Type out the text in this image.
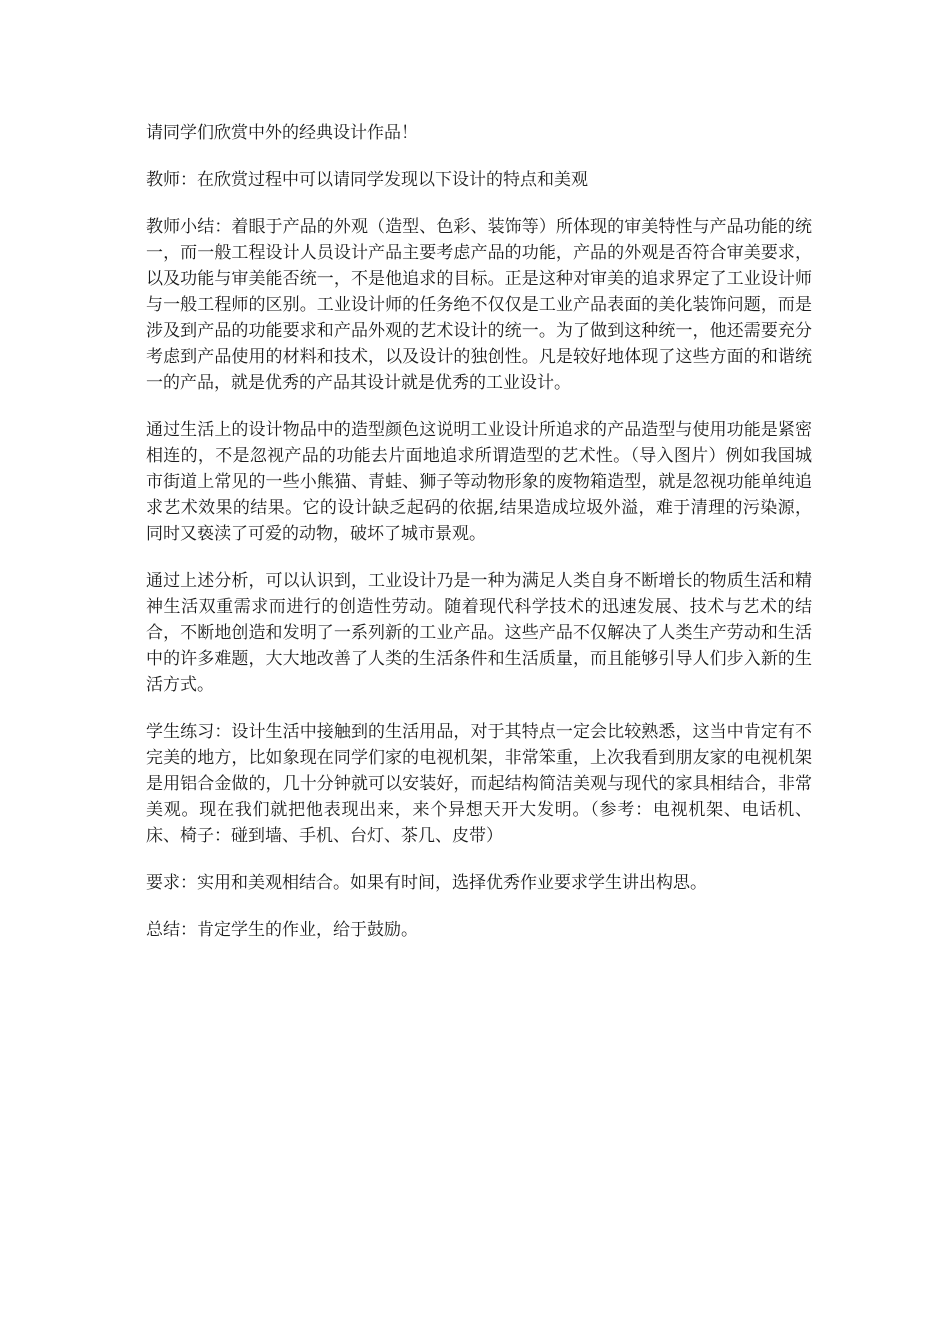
请同学们欣赏中外的经典设计作品！

教师：在欣赏过程中可以请同学发现以下设计的特点和美观

教师小结：着眼于产品的外观（造型、色彩、装饰等）所体现的审美特性与产品功能的统一，而一般工程设计人员设计产品主要考虑产品的功能，产品的外观是否符合审美要求，以及功能与审美能否统一，不是他追求的目标。正是这种对审美的追求界定了工业设计师与一般工程师的区别。工业设计师的任务绝不仅仅是工业产品表面的美化装饰问题，而是涉及到产品的功能要求和产品外观的艺术设计的统一。为了做到这种统一，他还需要充分考虑到产品使用的材料和技术，以及设计的独创性。凡是较好地体现了这些方面的和谐统一的产品，就是优秀的产品其设计就是优秀的工业设计。

通过生活上的设计物品中的造型颜色这说明工业设计所追求的产品造型与使用功能是紧密相连的，不是忽视产品的功能去片面地追求所谓造型的艺术性。（导入图片）例如我国城市街道上常见的一些小熊猫、青蛙、狮子等动物形象的废物箱造型，就是忽视功能单纯追求艺术效果的结果。它的设计缺乏起码的依据,结果造成垃圾外溢，难于清理的污染源，同时又亵渎了可爱的动物，破坏了城市景观。

通过上述分析，可以认识到，工业设计乃是一种为满足人类自身不断增长的物质生活和精神生活双重需求而进行的创造性劳动。随着现代科学技术的迅速发展、技术与艺术的结合，不断地创造和发明了一系列新的工业产品。这些产品不仅解决了人类生产劳动和生活中的许多难题，大大地改善了人类的生活条件和生活质量，而且能够引导人们步入新的生活方式。

学生练习：设计生活中接触到的生活用品，对于其特点一定会比较熟悉，这当中肯定有不完美的地方，比如象现在同学们家的电视机架，非常笨重，上次我看到朋友家的电视机架是用铝合金做的，几十分钟就可以安装好，而起结构简洁美观与现代的家具相结合，非常美观。现在我们就把他表现出来，来个异想天开大发明。（参考：电视机架、电话机、床、椅子：碰到墙、手机、台灯、茶几、皮带）

要求：实用和美观相结合。如果有时间，选择优秀作业要求学生讲出构思。

总结：肯定学生的作业，给于鼓励。
